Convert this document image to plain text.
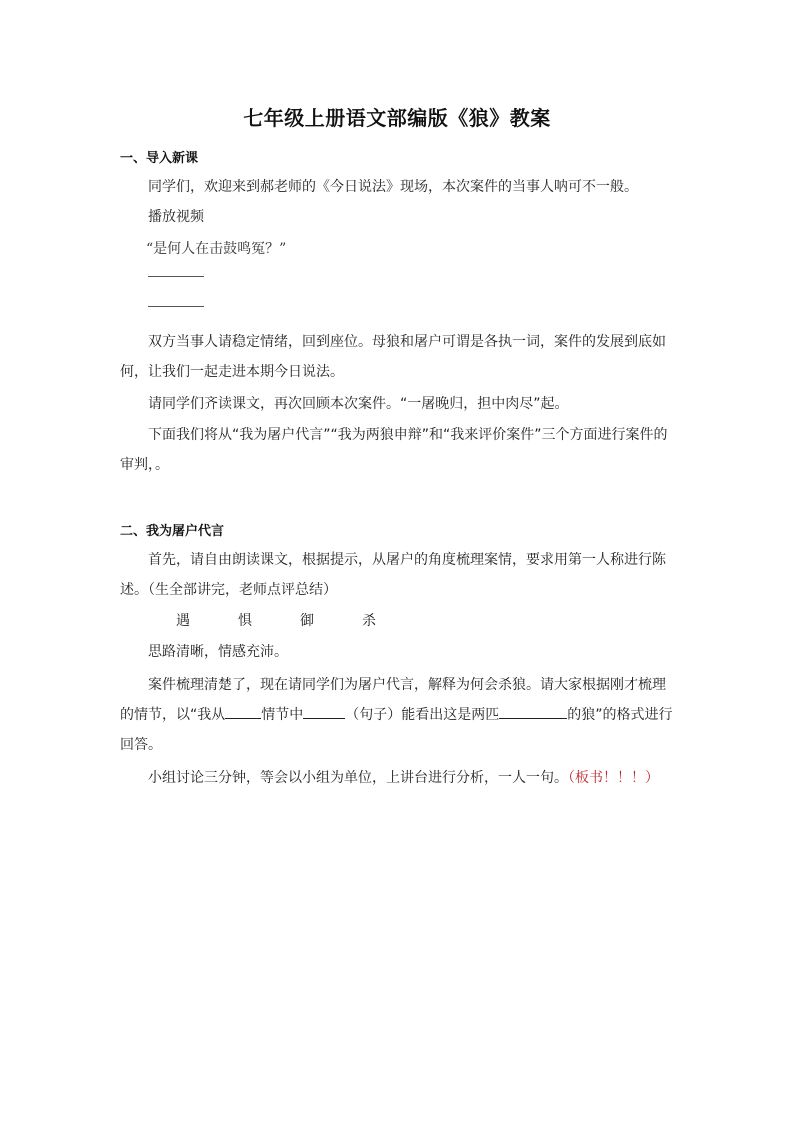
七年级上册语文部编版《狼》教案
一、导入新课
同学们，欢迎来到郝老师的《今日说法》现场，本次案件的当事人呐可不一般。
播放视频
“是何人在击鼓鸣冤？”
双方当事人请稳定情绪，回到座位。母狼和屠户可谓是各执一词，案件的发展到底如何，让我们一起走进本期今日说法。
请同学们齐读课文，再次回顾本次案件。“一屠晚归，担中肉尽”起。
下面我们将从“我为屠户代言”“我为两狼申辩”和“我来评价案件”三个方面进行案件的审判，。
二、我为屠户代言
首先，请自由朗读课文，根据提示，从屠户的角度梳理案情，要求用第一人称进行陈述。（生全部讲完，老师点评总结）
遇	惧	御	杀
思路清晰，情感充沛。
案件梳理清楚了，现在请同学们为屠户代言，解释为何会杀狼。请大家根据刚才梳理的情节，以“我从	情节中	（句子）能看出这是两匹	的狼”的格式进行回答。
小组讨论三分钟，等会以小组为单位，上讲台进行分析，一人一句。（板书！！！）
